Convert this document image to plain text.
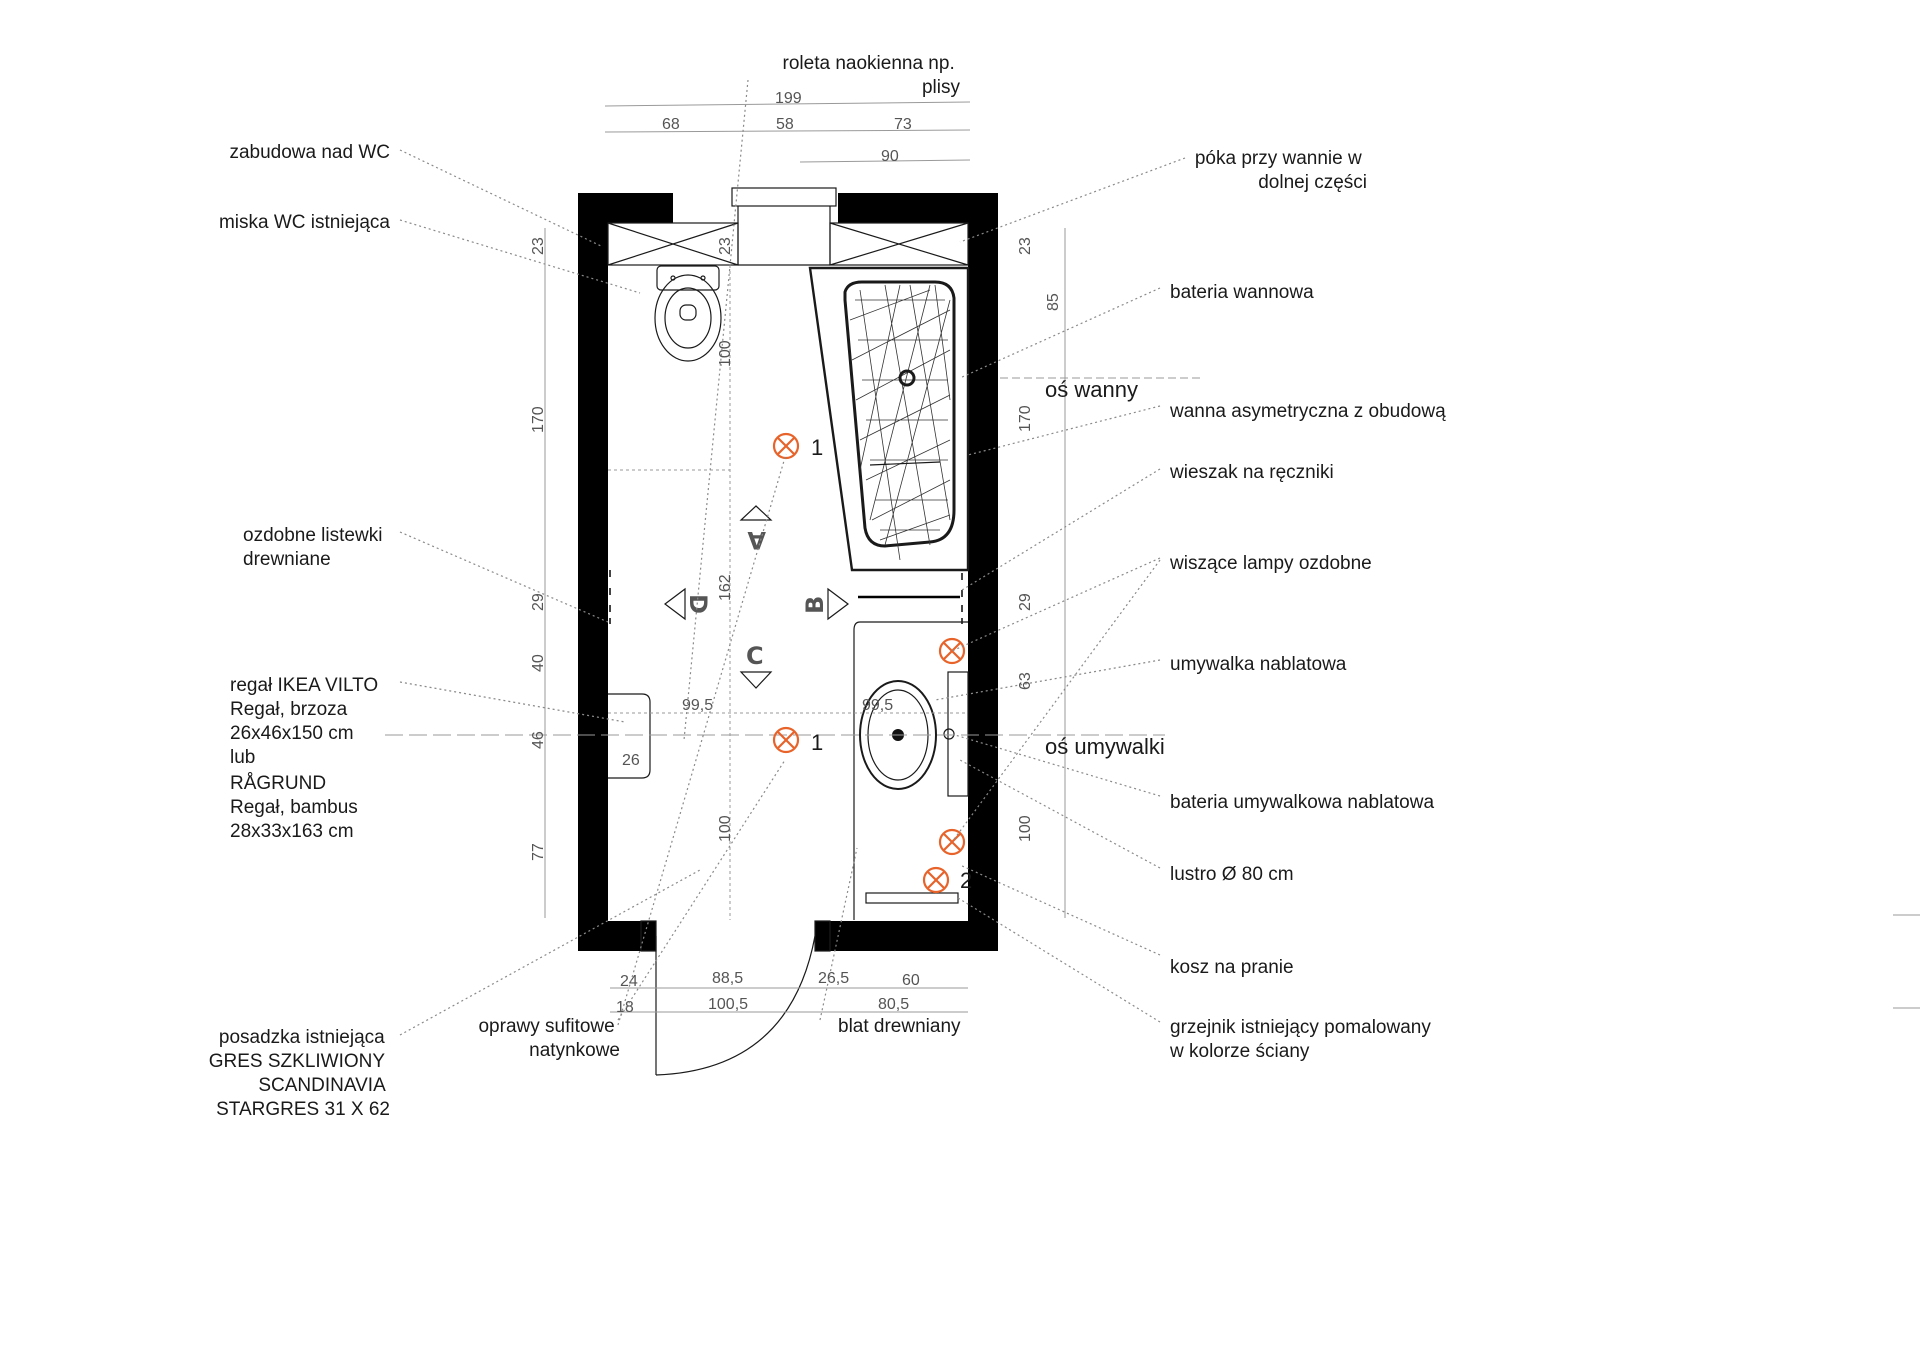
1
1
2
A
D	B
C
199
68	58	73
90
23
170
29
40
46
77
23
85
170
29
63
100
23
100
162
100
99,5	99,5
26
24
18
88,5
100,5
26,5	60
80,5
oś wanny
oś umywalki
zabudowa nad WC
miska WC istniejąca
ozdobne listewki drewniane
regał IKEA VILTO Regał, brzoza 26x46x150 cm lub RÅGRUND Regał, bambus 28x33x163 cm
posadzka istniejąca GRES SZKLIWIONY SCANDINAVIA STARGRES 31 X 62
oprawy sufitowe natynkowe
roleta naokienna np. plisy
póka przy wannie w dolnej części
bateria wannowa
wanna asymetryczna z obudową
wieszak na ręczniki
wiszące lampy ozdobne
umywalka nablatowa
bateria umywalkowa nablatowa
lustro Ø 80 cm
kosz na pranie
grzejnik istniejący pomalowany w kolorze ściany
blat drewniany
